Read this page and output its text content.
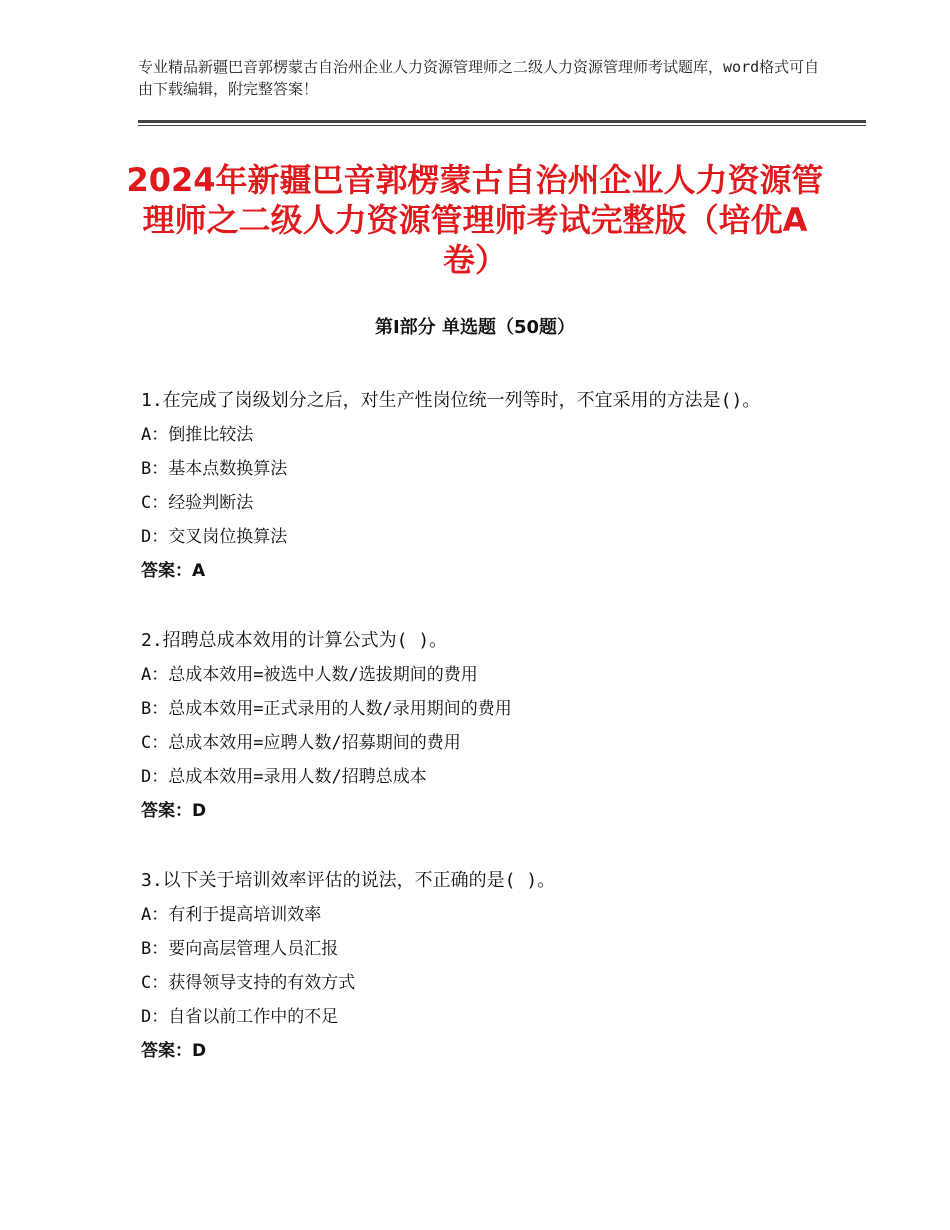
专业精品新疆巴音郭楞蒙古自治州企业人力资源管理师之二级人力资源管理师考试题库，word格式可自由下载编辑，附完整答案！
2024年新疆巴音郭楞蒙古自治州企业人力资源管理师之二级人力资源管理师考试完整版（培优A卷）
第Ⅰ部分 单选题（50题）

1.在完成了岗级划分之后，对生产性岗位统一列等时，不宜采用的方法是()。

A：倒推比较法

B：基本点数换算法

C：经验判断法

D：交叉岗位换算法

答案：A

2.招聘总成本效用的计算公式为( )。

A：总成本效用=被选中人数/选拔期间的费用

B：总成本效用=正式录用的人数/录用期间的费用

C：总成本效用=应聘人数/招募期间的费用

D：总成本效用=录用人数/招聘总成本

答案：D

3.以下关于培训效率评估的说法，不正确的是( )。

A：有利于提高培训效率

B：要向高层管理人员汇报

C：获得领导支持的有效方式

D：自省以前工作中的不足

答案：D
